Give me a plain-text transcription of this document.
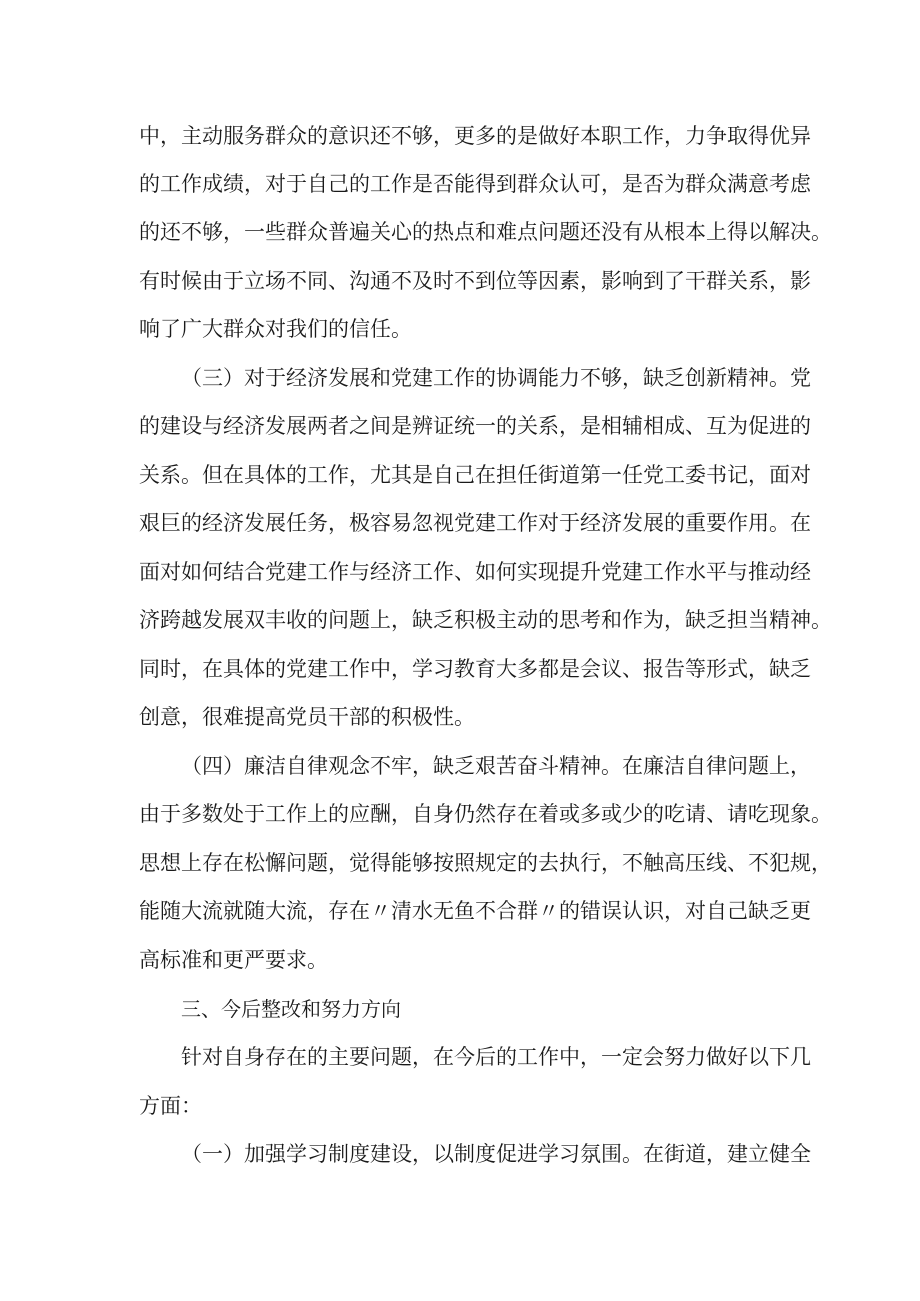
中，主动服务群众的意识还不够，更多的是做好本职工作，力争取得优异
的工作成绩，对于自己的工作是否能得到群众认可，是否为群众满意考虑
的还不够，一些群众普遍关心的热点和难点问题还没有从根本上得以解决。
有时候由于立场不同、沟通不及时不到位等因素，影响到了干群关系，影
响了广大群众对我们的信任。
（三）对于经济发展和党建工作的协调能力不够，缺乏创新精神。党
的建设与经济发展两者之间是辨证统一的关系，是相辅相成、互为促进的
关系。但在具体的工作，尤其是自己在担任街道第一任党工委书记，面对
艰巨的经济发展任务，极容易忽视党建工作对于经济发展的重要作用。在
面对如何结合党建工作与经济工作、如何实现提升党建工作水平与推动经
济跨越发展双丰收的问题上，缺乏积极主动的思考和作为，缺乏担当精神。
同时，在具体的党建工作中，学习教育大多都是会议、报告等形式，缺乏
创意，很难提高党员干部的积极性。
（四）廉洁自律观念不牢，缺乏艰苦奋斗精神。在廉洁自律问题上，
由于多数处于工作上的应酬，自身仍然存在着或多或少的吃请、请吃现象。
思想上存在松懈问题，觉得能够按照规定的去执行，不触高压线、不犯规，
能随大流就随大流，存在〃清水无鱼不合群〃的错误认识，对自己缺乏更
高标准和更严要求。
三、今后整改和努力方向
针对自身存在的主要问题，在今后的工作中，一定会努力做好以下几
方面：
（一）加强学习制度建设，以制度促进学习氛围。在街道，建立健全
